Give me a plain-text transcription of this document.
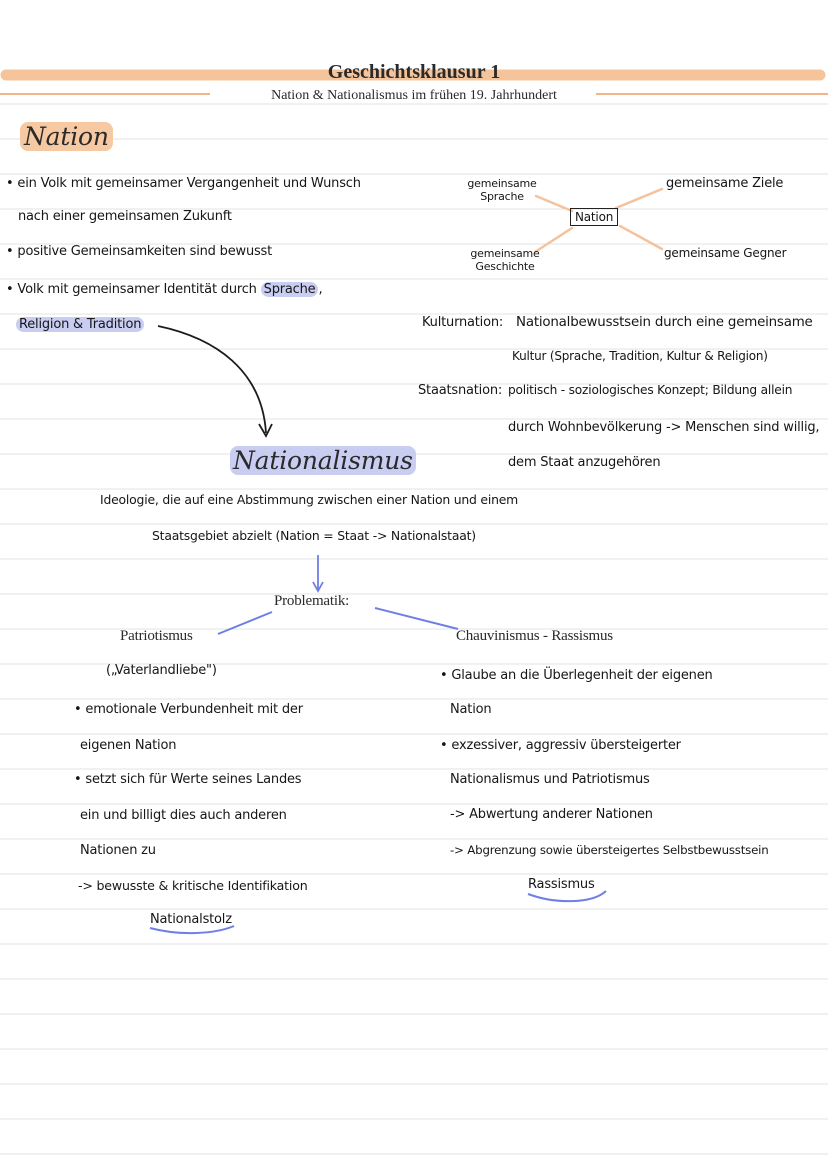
Geschichtsklausur 1
Nation & Nationalismus im frühen 19. Jahrhundert
Nation
• ein Volk mit gemeinsamer Vergangenheit und Wunsch
nach einer gemeinsamen Zukunft
• positive Gemeinsamkeiten sind bewusst
• Volk mit gemeinsamer Identität durch Sprache ,
Religion & Tradition
gemeinsame Sprache
gemeinsame Ziele
Nation
gemeinsame Geschichte
gemeinsame Gegner
Kulturnation: Nationalbewusstsein durch eine gemeinsame
Kultur (Sprache, Tradition, Kultur & Religion)
Staatsnation: politisch - soziologisches Konzept; Bildung allein
durch Wohnbevölkerung -> Menschen sind willig,
dem Staat anzugehören
Nationalismus
Ideologie, die auf eine Abstimmung zwischen einer Nation und einem
Staatsgebiet abzielt (Nation = Staat -> Nationalstaat)
Problematik:
Patriotismus
(„Vaterlandliebe")
• emotionale Verbundenheit mit der
eigenen Nation
• setzt sich für Werte seines Landes
ein und billigt dies auch anderen
Nationen zu
-> bewusste & kritische Identifikation
Nationalstolz
Chauvinismus - Rassismus
• Glaube an die Überlegenheit der eigenen
Nation
• exzessiver, aggressiv übersteigerter
Nationalismus und Patriotismus
-> Abwertung anderer Nationen
-> Abgrenzung sowie übersteigertes Selbstbewusstsein
Rassismus
